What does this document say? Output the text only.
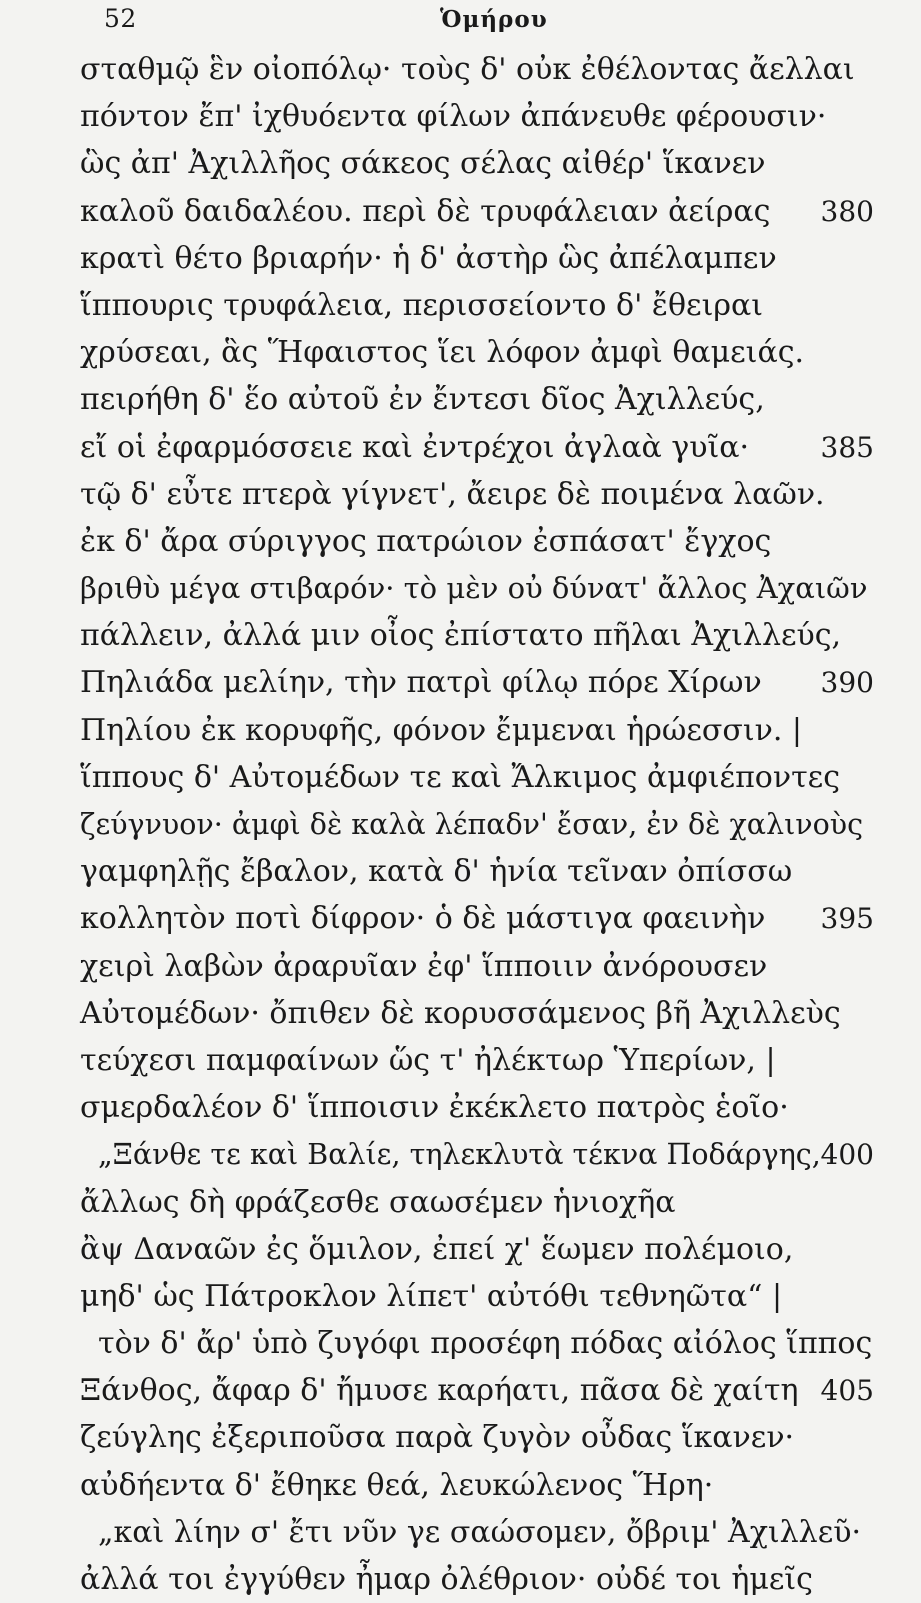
52	Ὁμήρου
σταθμῷ ἓν οἰοπόλῳ· τοὺς δ' οὐκ ἐθέλοντας ἄελλαι
πόντον ἔπ' ἰχθυόεντα φίλων ἀπάνευθε φέρουσιν·
ὣς ἀπ' Ἀχιλλῆος σάκεος σέλας αἰθέρ' ἵκανεν
καλοῦ δαιδαλέου. περὶ δὲ τρυφάλειαν ἀείρας 380
κρατὶ θέτο βριαρήν· ἡ δ' ἀστὴρ ὣς ἀπέλαμπεν
ἵππουρις τρυφάλεια, περισσείοντο δ' ἔθειραι
χρύσεαι, ἃς Ἥφαιστος ἵει λόφον ἀμφὶ θαμειάς.
πειρήθη δ' ἕο αὐτοῦ ἐν ἔντεσι δῖος Ἀχιλλεύς,
εἴ οἱ ἐφαρμόσσειε καὶ ἐντρέχοι ἀγλαὰ γυῖα·	385
τῷ δ' εὖτε πτερὰ γίγνετ', ἄειρε δὲ ποιμένα λαῶν.
ἐκ δ' ἄρα σύριγγος πατρώιον ἐσπάσατ' ἔγχος
βριθὺ μέγα στιβαρόν· τὸ μὲν οὐ δύνατ' ἄλλος Ἀχαιῶν
πάλλειν, ἀλλά μιν οἶος ἐπίστατο πῆλαι Ἀχιλλεύς,
Πηλιάδα μελίην, τὴν πατρὶ φίλῳ πόρε Χίρων 390
Πηλίου ἐκ κορυφῆς, φόνον ἔμμεναι ἡρώεσσιν. |
ἵππους δ' Αὐτομέδων τε καὶ Ἄλκιμος ἀμφιέποντες
ζεύγνυον· ἀμφὶ δὲ καλὰ λέπαδν' ἔσαν, ἐν δὲ χαλινοὺς
γαμφηλῇς ἔβαλον, κατὰ δ' ἡνία τεῖναν ὀπίσσω
κολλητὸν ποτὶ δίφρον· ὁ δὲ μάστιγα φαεινὴν 395
χειρὶ λαβὼν ἀραρυῖαν ἐφ' ἵπποιιν ἀνόρουσεν
Αὐτομέδων· ὄπιθεν δὲ κορυσσάμενος βῆ Ἀχιλλεὺς
τεύχεσι παμφαίνων ὥς τ' ἠλέκτωρ Ὑπερίων, |
σμερδαλέον δ' ἵπποισιν ἐκέκλετο πατρὸς ἑοῖο·
„Ξάνθε τε καὶ Βαλίε, τηλεκλυτὰ τέκνα Ποδάργης, 400
ἄλλως δὴ φράζεσθε σαωσέμεν ἡνιοχῆα
ἂψ Δαναῶν ἐς ὅμιλον, ἐπεί χ' ἕωμεν πολέμοιο,
μηδ' ὡς Πάτροκλον λίπετ' αὐτόθι τεθνηῶτα“ |
τὸν δ' ἄρ' ὑπὸ ζυγόφι προσέφη πόδας αἰόλος ἵππος
Ξάνθος, ἄφαρ δ' ἤμυσε καρήατι, πᾶσα δὲ χαίτη 405
ζεύγλης ἐξεριποῦσα παρὰ ζυγὸν οὖδας ἵκανεν·
αὐδήεντα δ' ἔθηκε θεά, λευκώλενος Ἥρη·
„καὶ λίην σ' ἔτι νῦν γε σαώσομεν, ὄβριμ' Ἀχιλλεῦ·
ἀλλά τοι ἐγγύθεν ἦμαρ ὀλέθριον· οὐδέ τοι ἡμεῖς
